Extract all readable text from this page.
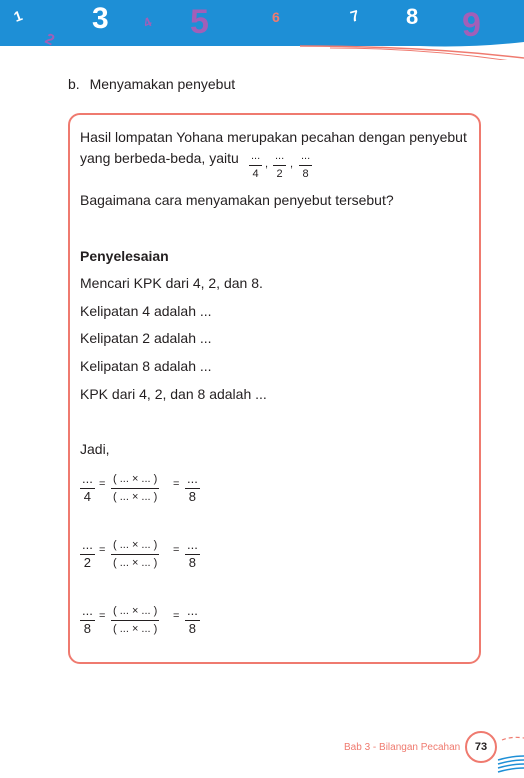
1
2
3 4 5	6	7 8 9
b. Menyamakan penyebut
Hasil lompatan Yohana merupakan pecahan dengan penyebut
yang berbeda-beda, yaitu ...
4
,
...
2
,
...
8
Bagaimana cara menyamakan penyebut tersebut?
Penyelesaian
Mencari KPK dari 4, 2, dan 8.
Kelipatan 4 adalah ...
Kelipatan 2 adalah ...
Kelipatan 8 adalah ...
KPK dari 4, 2, dan 8 adalah ...
Jadi,
...
4
= ( ... × ... )
( ... × ... )
= ...
8
...
2
= ( ... × ... )
( ... × ... )
= ...
8
...
8
= ( ... × ... )
( ... × ... )
= ...
8
Bab 3 - Bilangan Pecahan	73
